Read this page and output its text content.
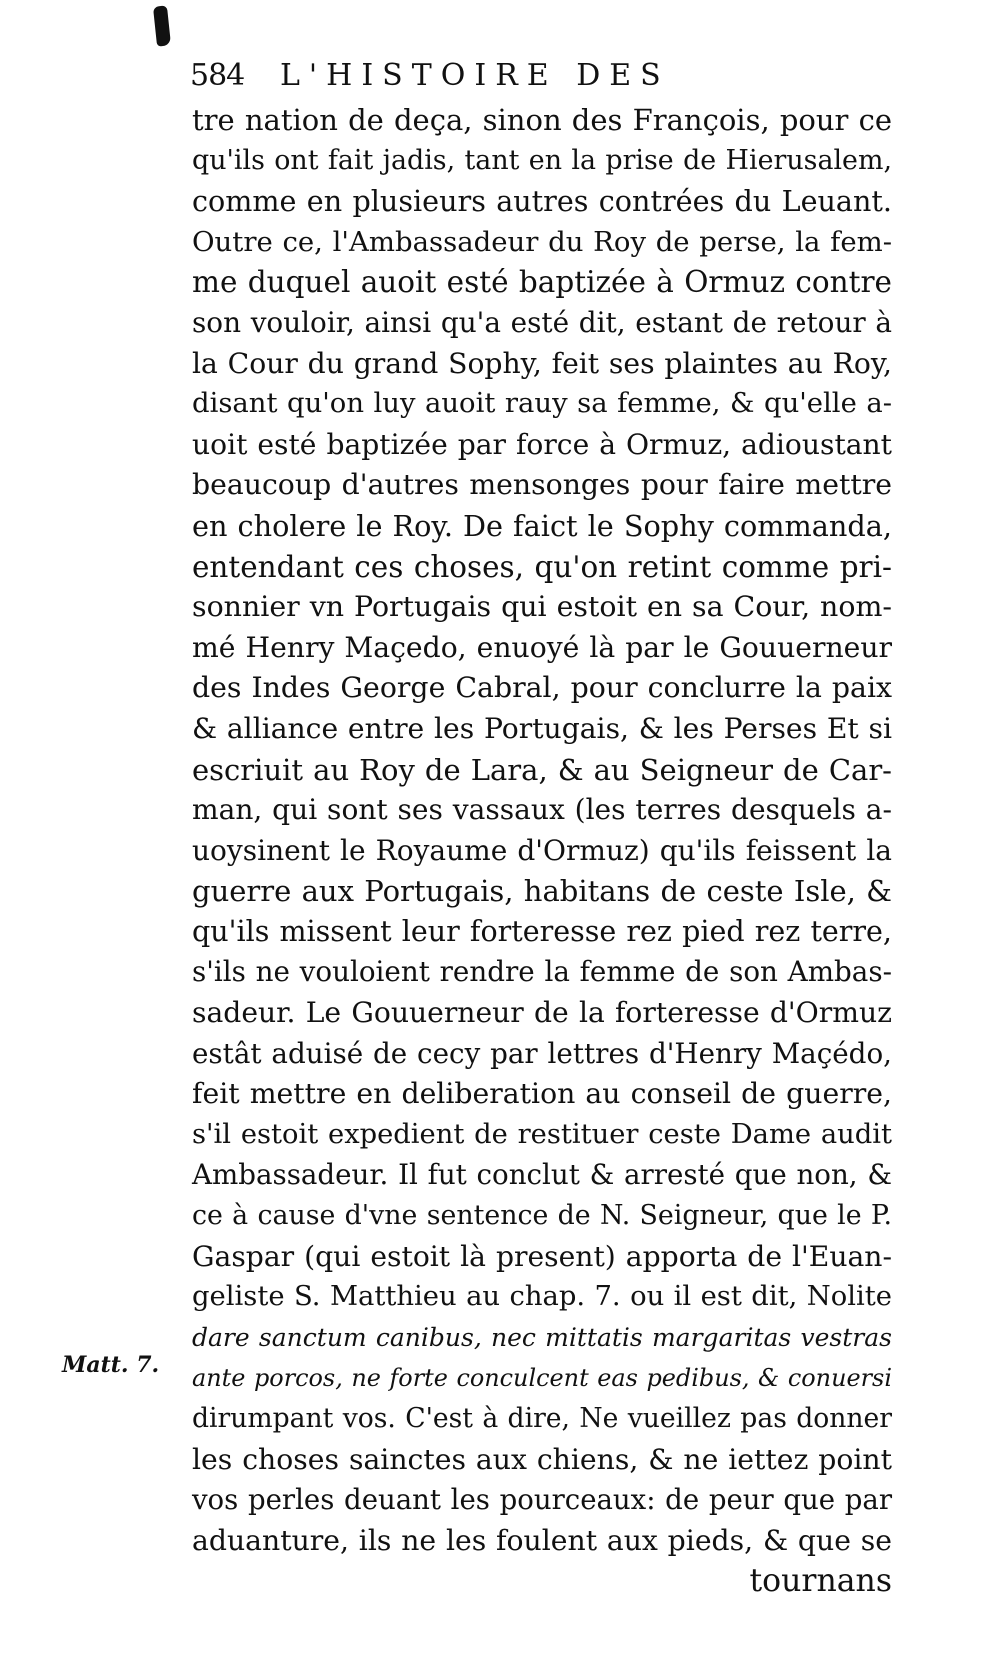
584	L'HISTOIRE DES
Matt. 7.
tre nation de deça, sinon des François, pour ce
qu'ils ont fait jadis, tant en la prise de Hierusalem,
comme en plusieurs autres contrées du Leuant.
Outre ce, l'Ambassadeur du Roy de perse, la fem-
me duquel auoit esté baptizée à Ormuz contre
son vouloir, ainsi qu'a esté dit, estant de retour à
la Cour du grand Sophy, feit ses plaintes au Roy,
disant qu'on luy auoit rauy sa femme, & qu'elle a-
uoit esté baptizée par force à Ormuz, adioustant
beaucoup d'autres mensonges pour faire mettre
en cholere le Roy. De faict le Sophy commanda,
entendant ces choses, qu'on retint comme pri-
sonnier vn Portugais qui estoit en sa Cour, nom-
mé Henry Maçedo, enuoyé là par le Gouuerneur
des Indes George Cabral, pour conclurre la paix
& alliance entre les Portugais, & les Perses Et si
escriuit au Roy de Lara, & au Seigneur de Car-
man, qui sont ses vassaux (les terres desquels a-
uoysinent le Royaume d'Ormuz) qu'ils feissent la
guerre aux Portugais, habitans de ceste Isle, &
qu'ils missent leur forteresse rez pied rez terre,
s'ils ne vouloient rendre la femme de son Ambas-
sadeur. Le Gouuerneur de la forteresse d'Ormuz
estât aduisé de cecy par lettres d'Henry Maçédo,
feit mettre en deliberation au conseil de guerre,
s'il estoit expedient de restituer ceste Dame audit
Ambassadeur. Il fut conclut & arresté que non, &
ce à cause d'vne sentence de N. Seigneur, que le P.
Gaspar (qui estoit là present) apporta de l'Euan-
geliste S. Matthieu au chap. 7. ou il est dit, Nolite
dare sanctum canibus, nec mittatis margaritas vestras
ante porcos, ne forte conculcent eas pedibus, & conuersi
dirumpant vos. C'est à dire, Ne vueillez pas donner
les choses sainctes aux chiens, & ne iettez point
vos perles deuant les pourceaux: de peur que par
aduanture, ils ne les foulent aux pieds, & que se
tournans
